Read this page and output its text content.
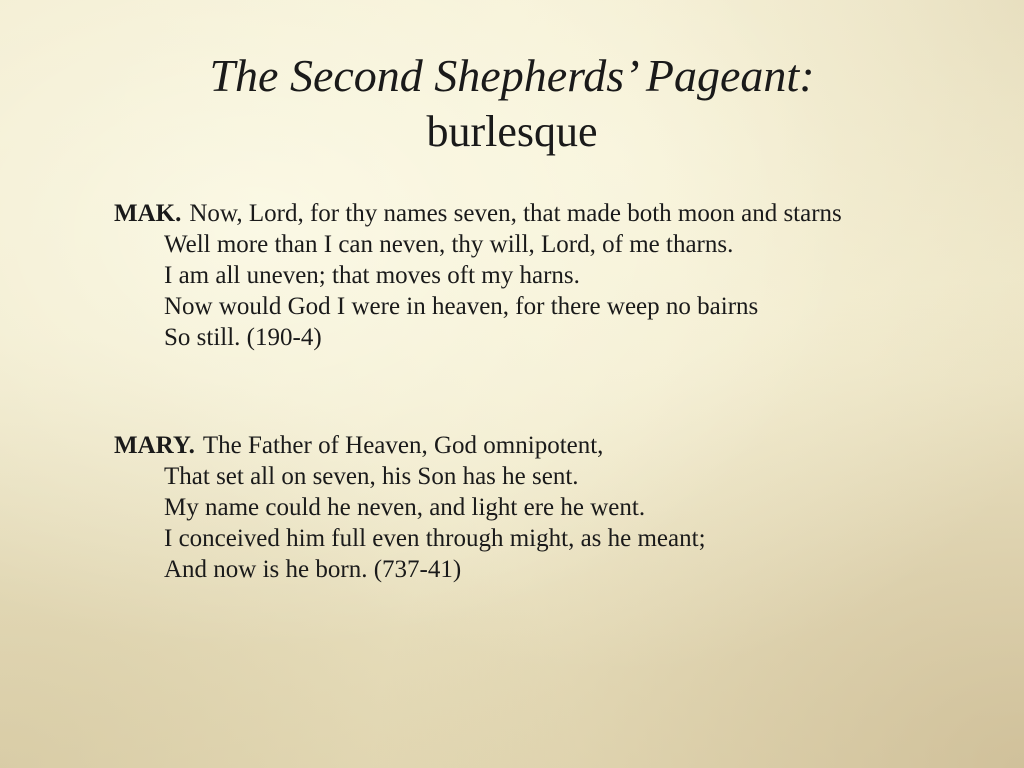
The Second Shepherds’ Pageant:
burlesque

MAK. Now, Lord, for thy names seven, that made both moon and starns

Well more than I can neven, thy will, Lord, of me tharns.

I am all uneven; that moves oft my harns.

Now would God I were in heaven, for there weep no bairns

So still. (190-4)

MARY. The Father of Heaven, God omnipotent,

That set all on seven, his Son has he sent.

My name could he neven, and light ere he went.

I conceived him full even through might, as he meant;

And now is he born. (737-41)
